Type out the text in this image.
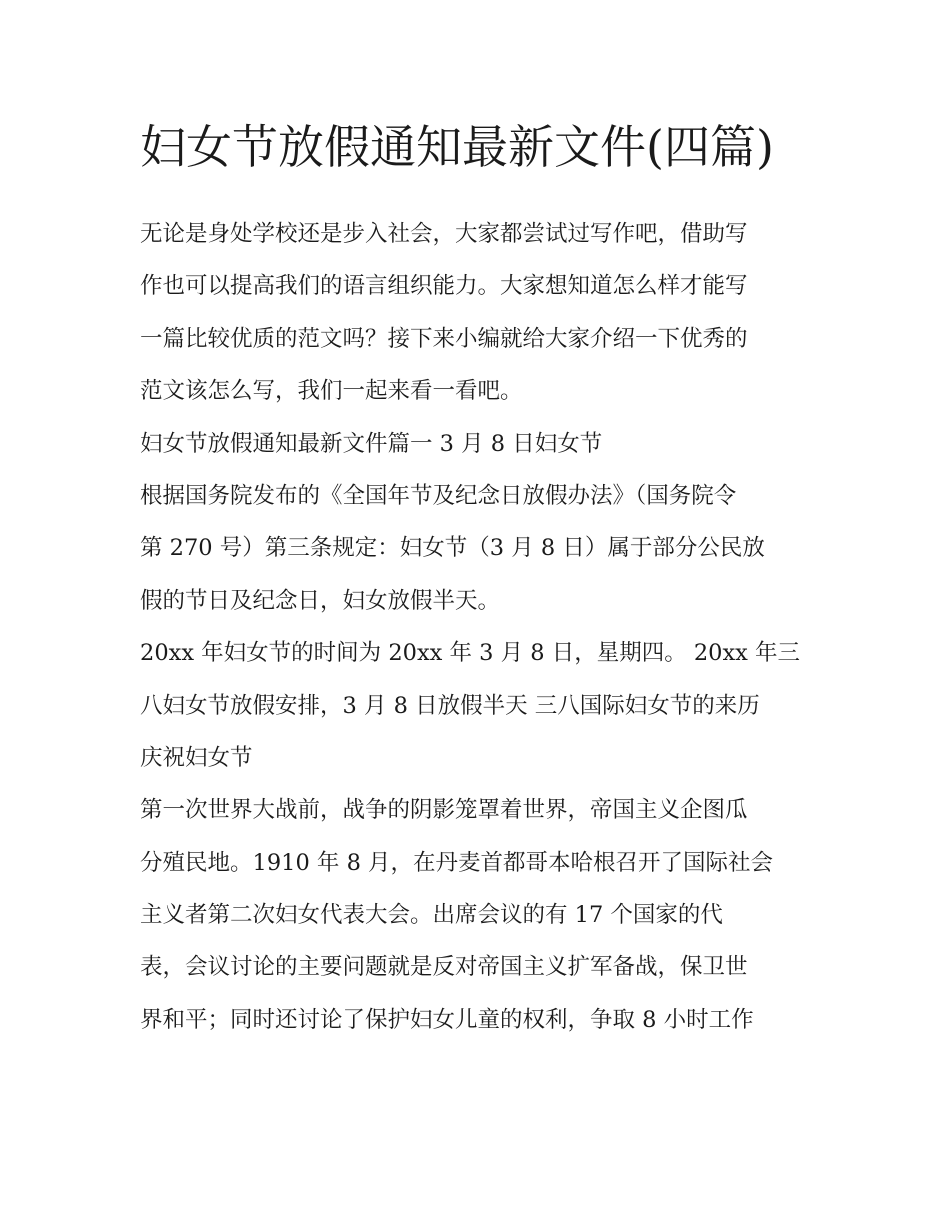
妇女节放假通知最新文件(四篇)
无论是身处学校还是步入社会，大家都尝试过写作吧，借助写
作也可以提高我们的语言组织能力。大家想知道怎么样才能写
一篇比较优质的范文吗？接下来小编就给大家介绍一下优秀的
范文该怎么写，我们一起来看一看吧。
妇女节放假通知最新文件篇一 3 月 8 日妇女节
根据国务院发布的《全国年节及纪念日放假办法》（国务院令
第 270 号）第三条规定：妇女节（3 月 8 日）属于部分公民放
假的节日及纪念日，妇女放假半天。
20xx 年妇女节的时间为 20xx 年 3 月 8 日，星期四。 20xx 年三
八妇女节放假安排，3 月 8 日放假半天 三八国际妇女节的来历
庆祝妇女节
第一次世界大战前，战争的阴影笼罩着世界，帝国主义企图瓜
分殖民地。1910 年 8 月，在丹麦首都哥本哈根召开了国际社会
主义者第二次妇女代表大会。出席会议的有 17 个国家的代
表，会议讨论的主要问题就是反对帝国主义扩军备战，保卫世
界和平；同时还讨论了保护妇女儿童的权利，争取 8 小时工作
